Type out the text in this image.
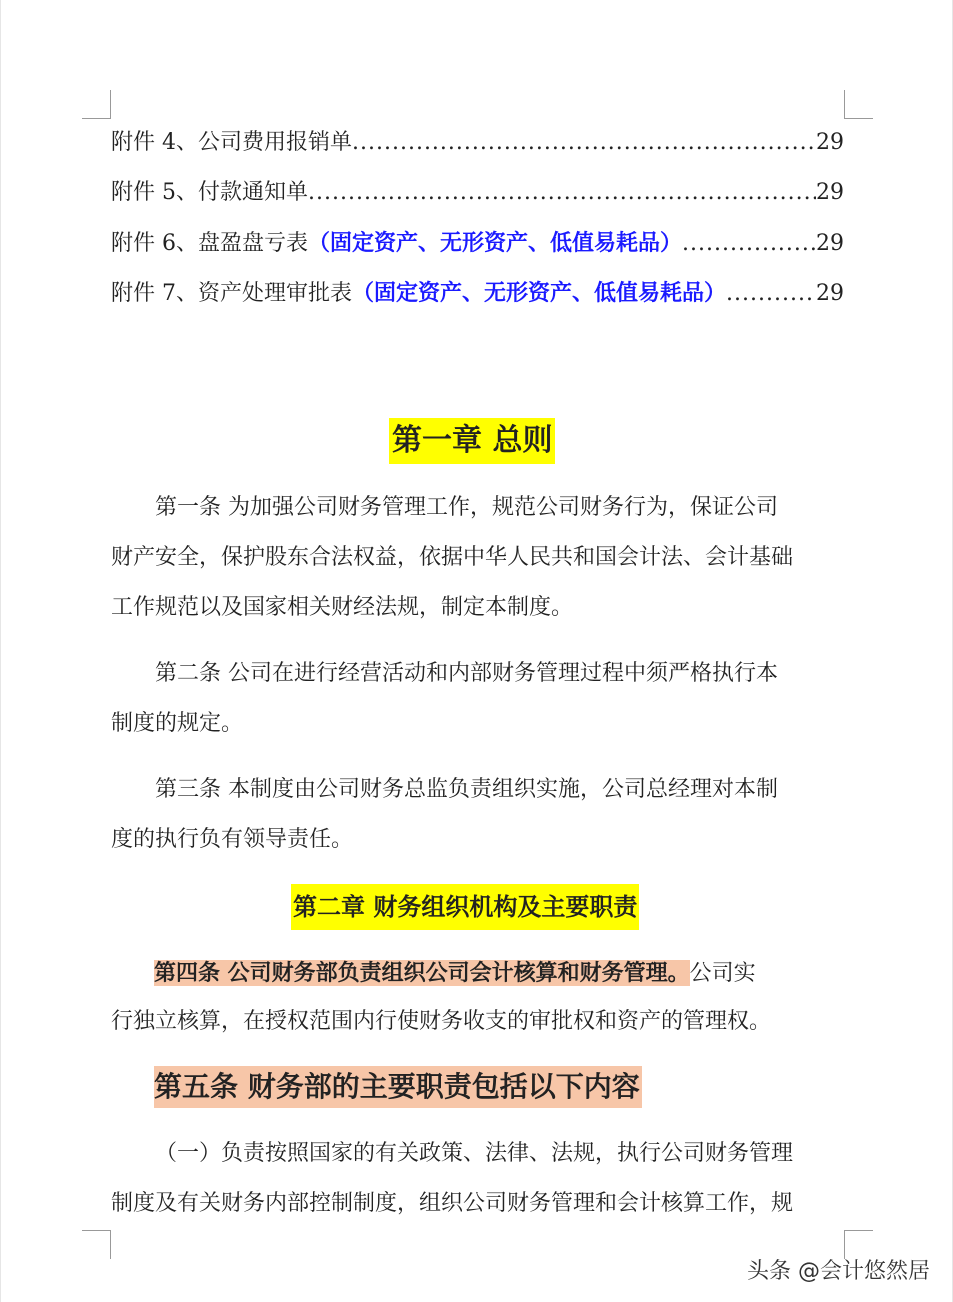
附件 4、公司费用报销单 .....	29
附件 5、付款通知单 .....	29
附件 6、盘盈盘亏表 （固定资产、无形资产、低值易耗品） .....	29
附件 7、资产处理审批表 （固定资产、无形资产、低值易耗品） .....	29
第一章 总则
第一条 为加强公司财务管理工作，规范公司财务行为，保证公司
财产安全，保护股东合法权益，依据中华人民共和国会计法、会计基础
工作规范以及国家相关财经法规，制定本制度。
第二条 公司在进行经营活动和内部财务管理过程中须严格执行本
制度的规定。
第三条 本制度由公司财务总监负责组织实施，公司总经理对本制
度的执行负有领导责任。
第二章 财务组织机构及主要职责
第四条 公司财务部负责组织公司会计核算和财务管理。公司实
行独立核算，在授权范围内行使财务收支的审批权和资产的管理权。
第五条 财务部的主要职责包括以下内容
（一）负责按照国家的有关政策、法律、法规，执行公司财务管理
制度及有关财务内部控制制度，组织公司财务管理和会计核算工作，规
头条 @会计悠然居
